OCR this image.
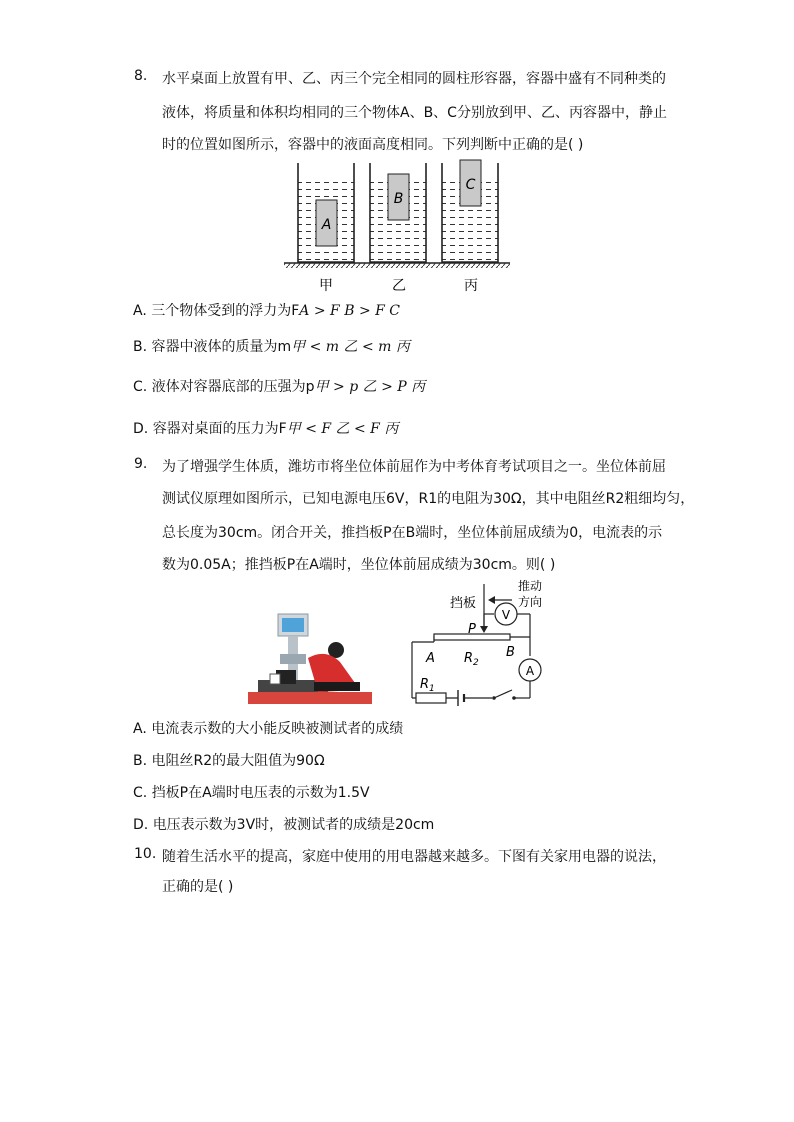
8. 水平桌面上放置有甲、乙、丙三个完全相同的圆柱形容器，容器中盛有不同种类的
液体，将质量和体积均相同的三个物体A、B、C分别放到甲、乙、丙容器中，静止
时的位置如图所示，容器中的液面高度相同。下列判断中正确的是( )
A
B
C
甲	乙	丙
A. 三个物体受到的浮力为FA > F B > F C
B. 容器中液体的质量为m甲 < m 乙 < m 丙
C. 液体对容器底部的压强为p甲 > p 乙 > P 丙
D. 容器对桌面的压力为F甲 < F 乙 < F 丙
9. 为了增强学生体质，潍坊市将坐位体前屈作为中考体育考试项目之一。坐位体前屈
测试仪原理如图所示，已知电源电压6V，R1的电阻为30Ω，其中电阻丝R2粗细均匀，
总长度为30cm。闭合开关，推挡板P在B端时，坐位体前屈成绩为0，电流表的示
数为0.05A；推挡板P在A端时，坐位体前屈成绩为30cm。则( )
A
V
挡板
推动
方向
P
A $R_2$
B
$R_1$
A. 电流表示数的大小能反映被测试者的成绩
B. 电阻丝R2的最大阻值为90Ω
C. 挡板P在A端时电压表的示数为1.5V
D. 电压表示数为3V时，被测试者的成绩是20cm
10. 随着生活水平的提高，家庭中使用的用电器越来越多。下图有关家用电器的说法，
正确的是( )
